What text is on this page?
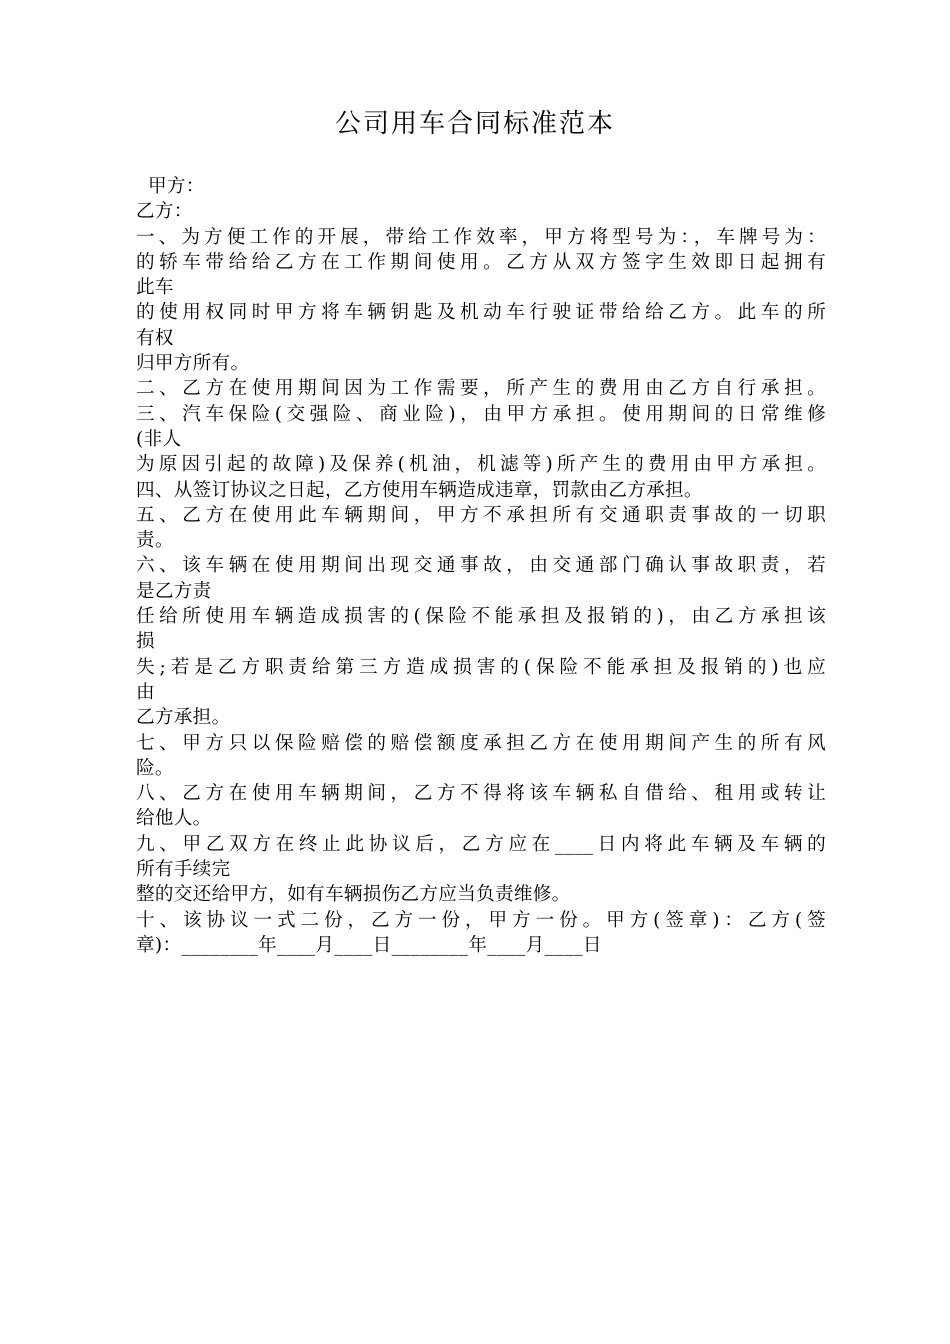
公司用车合同标准范本
甲方：
乙方：
一、为方便工作的开展，带给工作效率，甲方将型号为：，车牌号为：
的轿车带给给乙方在工作期间使用。乙方从双方签字生效即日起拥有
此车
的使用权同时甲方将车辆钥匙及机动车行驶证带给给乙方。此车的所
有权
归甲方所有。
二、乙方在使用期间因为工作需要，所产生的费用由乙方自行承担。
三、汽车保险(交强险、商业险)，由甲方承担。使用期间的日常维修
(非人
为原因引起的故障)及保养(机油，机滤等)所产生的费用由甲方承担。
四、从签订协议之日起，乙方使用车辆造成违章，罚款由乙方承担。
五、乙方在使用此车辆期间，甲方不承担所有交通职责事故的一切职
责。
六、该车辆在使用期间出现交通事故，由交通部门确认事故职责，若
是乙方责
任给所使用车辆造成损害的(保险不能承担及报销的)，由乙方承担该
损
失;若是乙方职责给第三方造成损害的(保险不能承担及报销的)也应
由
乙方承担。
七、甲方只以保险赔偿的赔偿额度承担乙方在使用期间产生的所有风
险。
八、乙方在使用车辆期间，乙方不得将该车辆私自借给、租用或转让
给他人。
九、甲乙双方在终止此协议后，乙方应在____日内将此车辆及车辆的
所有手续完
整的交还给甲方，如有车辆损伤乙方应当负责维修。
十、该协议一式二份，乙方一份，甲方一份。甲方(签章)：乙方(签
章)：________年____月____日________年____月____日
